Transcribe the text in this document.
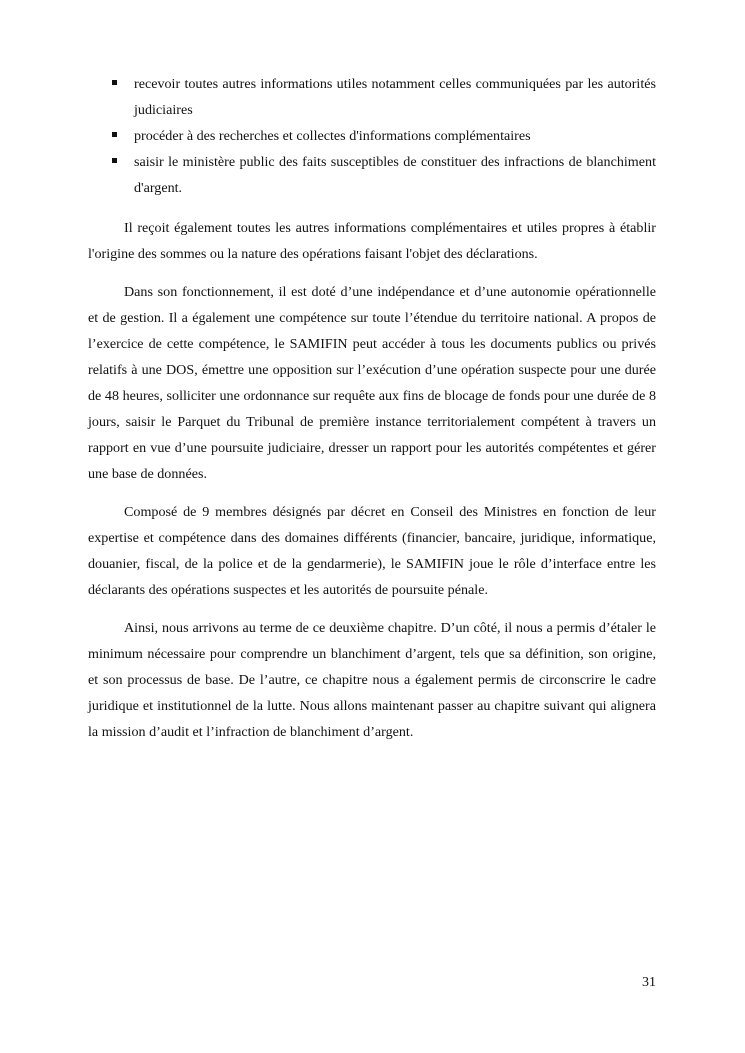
recevoir toutes autres informations utiles notamment celles communiquées par les autorités judiciaires
procéder à des recherches et collectes d'informations complémentaires
saisir le ministère public des faits susceptibles de constituer des infractions de blanchiment d'argent.

Il reçoit également toutes les autres informations complémentaires et utiles propres à établir l'origine des sommes ou la nature des opérations faisant l'objet des déclarations.

Dans son fonctionnement, il est doté d’une indépendance et d’une autonomie opérationnelle et de gestion. Il a également une compétence sur toute l’étendue du territoire national. A propos de l’exercice de cette compétence, le SAMIFIN peut accéder à tous les documents publics ou privés relatifs à une DOS, émettre une opposition sur l’exécution d’une opération suspecte pour une durée de 48 heures, solliciter une ordonnance sur requête aux fins de blocage de fonds pour une durée de 8 jours, saisir le Parquet du Tribunal de première instance territorialement compétent à travers un rapport en vue d’une poursuite judiciaire, dresser un rapport pour les autorités compétentes et gérer une base de données.

Composé de 9 membres désignés par décret en Conseil des Ministres en fonction de leur expertise et compétence dans des domaines différents (financier, bancaire, juridique, informatique, douanier, fiscal, de la police et de la gendarmerie), le SAMIFIN joue le rôle d’interface entre les déclarants des opérations suspectes et les autorités de poursuite pénale.

Ainsi, nous arrivons au terme de ce deuxième chapitre. D’un côté, il nous a permis d’étaler le minimum nécessaire pour comprendre un blanchiment d’argent, tels que sa définition, son origine, et son processus de base. De l’autre, ce chapitre nous a également permis de circonscrire le cadre juridique et institutionnel de la lutte. Nous allons maintenant passer au chapitre suivant qui alignera la mission d’audit et l’infraction de blanchiment d’argent.

31
